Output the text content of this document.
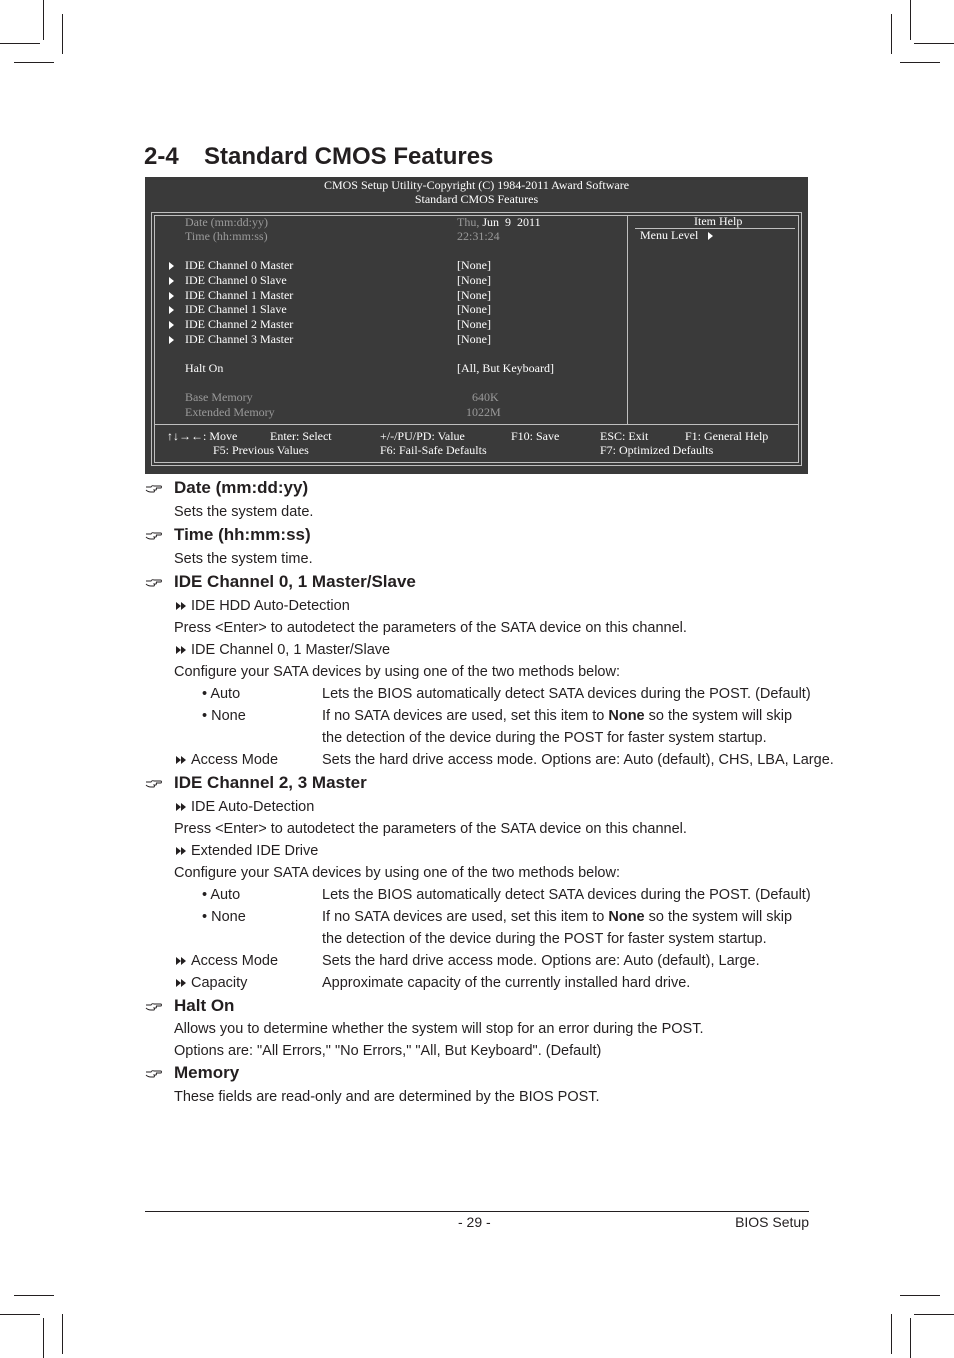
2-4	Standard CMOS Features
CMOS Setup Utility-Copyright (C) 1984-2011 Award Software
Standard CMOS Features
Date (mm:dd:yy)	Thu, Jun  9  2011
Time (hh:mm:ss)	22:31:24
IDE Channel 0 Master	[None]
IDE Channel 0 Slave	[None]
IDE Channel 1 Master	[None]
IDE Channel 1 Slave	[None]
IDE Channel 2 Master	[None]
IDE Channel 3 Master	[None]
Halt On	[All, But Keyboard]
Base Memory	640K
Extended Memory	1022M
Item Help
Menu Level
↑↓→←: Move	Enter: Select	+/-/PU/PD: Value	F10: Save	ESC: Exit	F1: General Help
F5: Previous Values	F6: Fail-Safe Defaults	F7: Optimized Defaults
Date (mm:dd:yy)
Sets the system date.
Time (hh:mm:ss)
Sets the system time.
IDE Channel 0, 1 Master/Slave
IDE HDD Auto-Detection
Press <Enter> to autodetect the parameters of the SATA device on this channel.
IDE Channel 0, 1 Master/Slave
Configure your SATA devices by using one of the two methods below:
• Auto	Lets the BIOS automatically detect SATA devices during the POST. (Default)
• None	If no SATA devices are used, set this item to None so the system will skip
the detection of the device during the POST for faster system startup.
Access Mode	Sets the hard drive access mode. Options are: Auto (default), CHS, LBA, Large.
IDE Channel 2, 3 Master
IDE Auto-Detection
Press <Enter> to autodetect the parameters of the SATA device on this channel.
Extended IDE Drive
Configure your SATA devices by using one of the two methods below:
• Auto	Lets the BIOS automatically detect SATA devices during the POST. (Default)
• None	If no SATA devices are used, set this item to None so the system will skip
the detection of the device during the POST for faster system startup.
Access Mode	Sets the hard drive access mode. Options are: Auto (default), Large.
Capacity	Approximate capacity of the currently installed hard drive.
Halt On
Allows you to determine whether the system will stop for an error during the POST.
Options are: "All Errors," "No Errors," "All, But Keyboard". (Default)
Memory
These fields are read-only and are determined by the BIOS POST.
- 29 -	BIOS Setup
